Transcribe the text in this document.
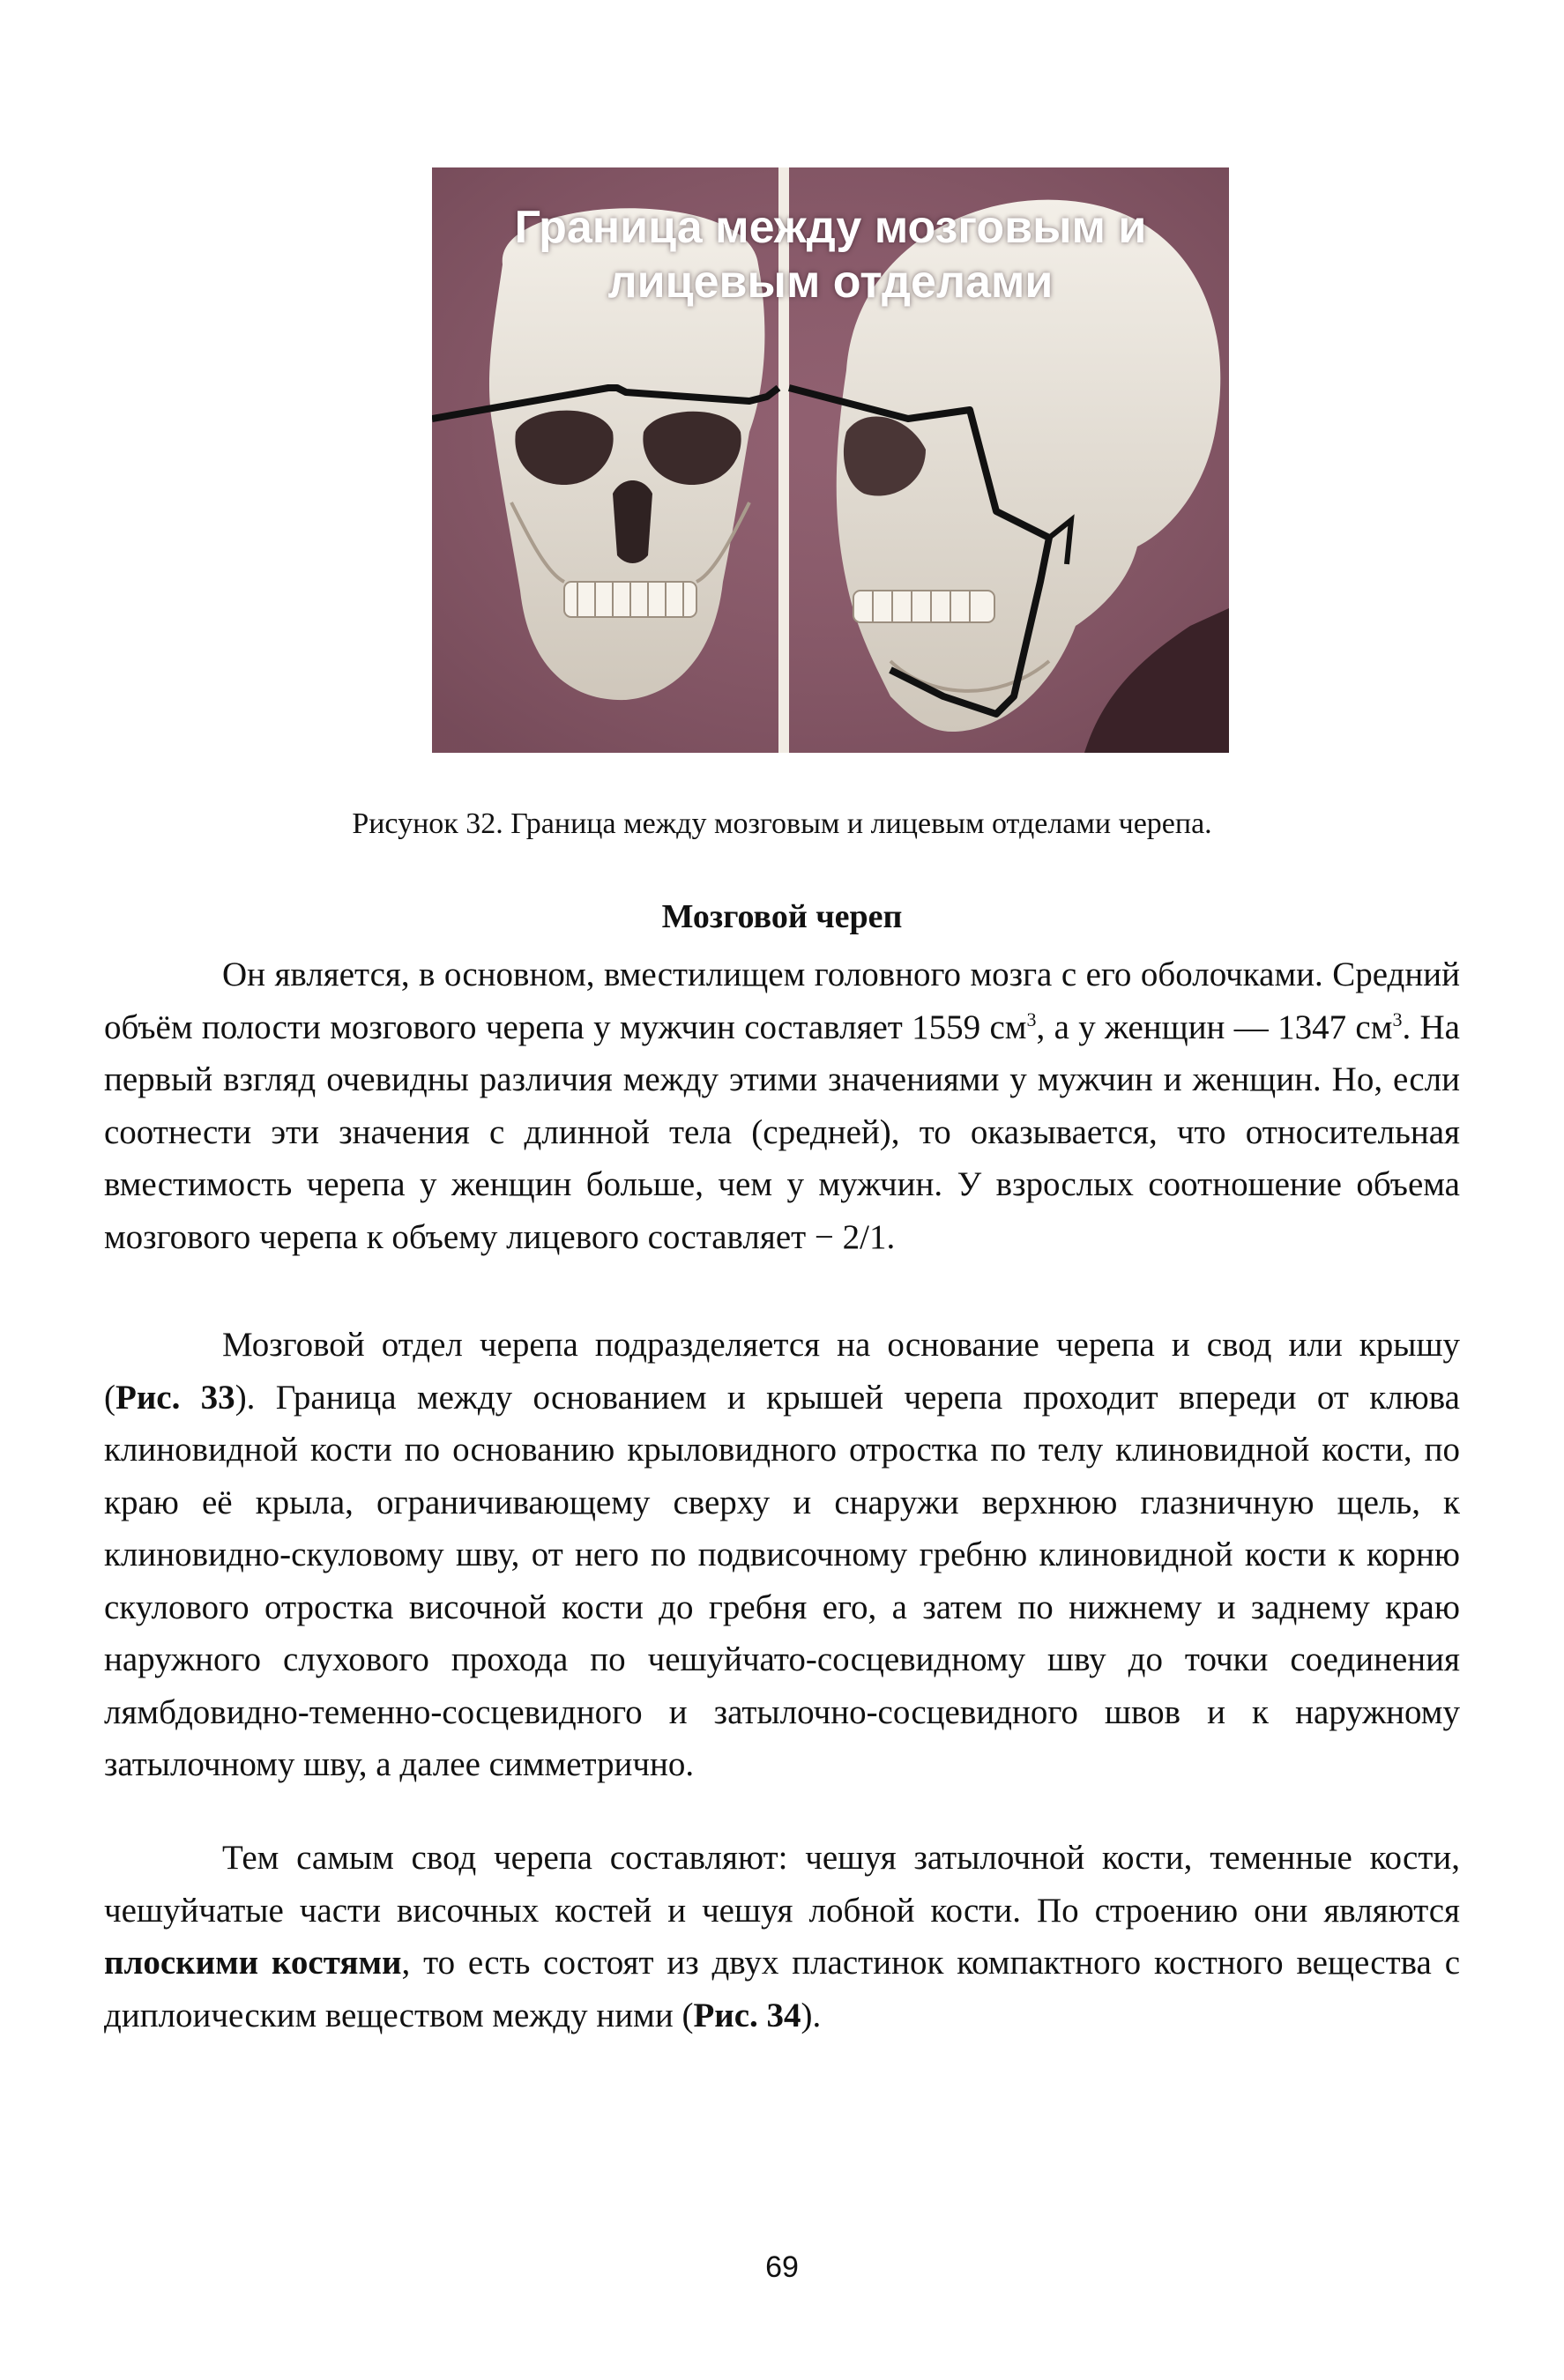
Граница между мозговым и
лицевым отделами
Рисунок 32. Граница между мозговым и лицевым отделами черепа.
Мозговой череп

Он является, в основном, вместилищем головного мозга с его оболочками. Средний объём полости мозгового черепа у мужчин составляет 1559 $см^3$, а у женщин — 1347 $см^3$. На первый взгляд очевидны различия между этими значениями у мужчин и женщин. Но, если соотнести эти значения с длинной тела (средней), то оказывается, что относительная вместимость черепа у женщин больше, чем у мужчин. У взрослых соотношение объема мозгового черепа к объему лицевого составляет − 2/1.

Мозговой отдел черепа подразделяется на основание черепа и свод или крышу (Рис. 33). Граница между основанием и крышей черепа проходит впереди от клюва клиновидной кости по основанию крыловидного отростка по телу клиновидной кости, по краю её крыла, ограничивающему сверху и снаружи верхнюю глазничную щель, к клиновидно-скуловому шву, от него по подвисочному гребню клиновидной кости к корню скулового отростка височной кости до гребня его, а затем по нижнему и заднему краю наружного слухового прохода по чешуйчато-сосцевидному шву до точки соединения лямбдовидно-теменно-сосцевидного и затылочно-сосцевидного швов и к наружному затылочному шву, а далее симметрично.

Тем самым свод черепа составляют: чешуя затылочной кости, теменные кости, чешуйчатые части височных костей и чешуя лобной кости. По строению они являются плоскими костями, то есть состоят из двух пластинок компактного костного вещества с диплоическим веществом между ними (Рис. 34).

69
